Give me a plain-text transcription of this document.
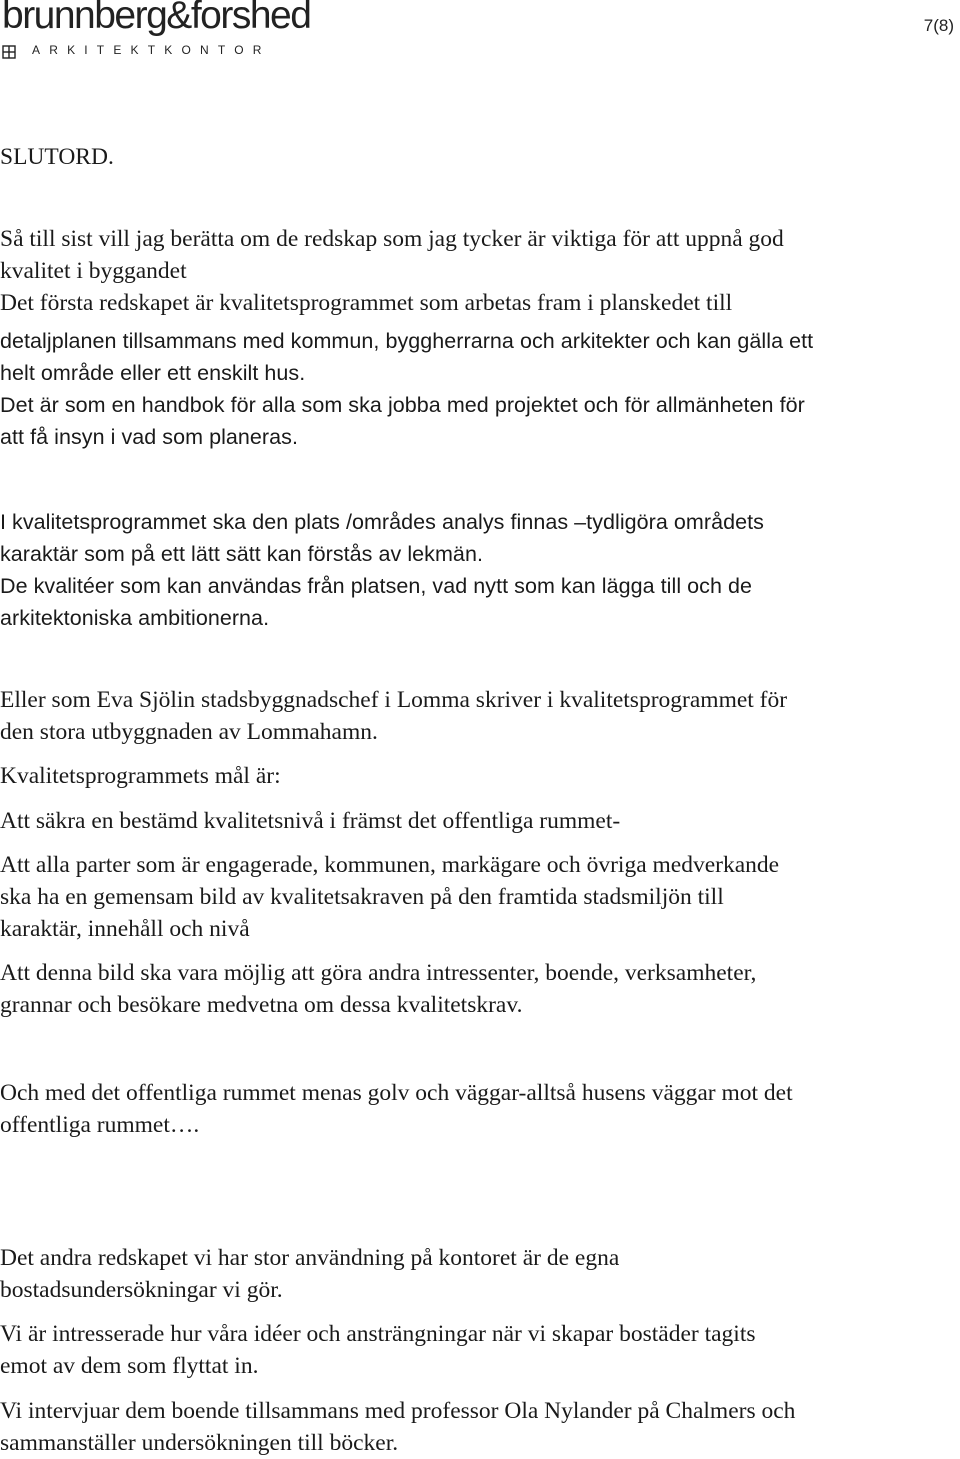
brunnberg&forshed
ARKITEKTKONTOR
7(8)
SLUTORD.
Så till sist vill jag berätta om de redskap som jag tycker är viktiga för att uppnå god
kvalitet i byggandet
Det första redskapet är kvalitetsprogrammet som arbetas fram i planskedet till
detaljplanen tillsammans med kommun, byggherrarna och arkitekter och kan gälla ett
helt område eller ett enskilt hus.
Det är som en handbok för alla som ska jobba med projektet och för allmänheten för
att få insyn i vad som planeras.
I kvalitetsprogrammet ska den plats /områdes analys finnas –tydligöra områdets
karaktär som på ett lätt sätt kan förstås av lekmän.
De kvalitéer som kan användas från platsen, vad nytt som kan lägga till och de
arkitektoniska ambitionerna.
Eller som Eva Sjölin stadsbyggnadschef i Lomma skriver i kvalitetsprogrammet för
den stora utbyggnaden av Lommahamn.
Kvalitetsprogrammets mål är:
Att säkra en bestämd kvalitetsnivå i främst det offentliga rummet-
Att alla parter som är engagerade, kommunen, markägare och övriga medverkande
ska ha en gemensam bild av kvalitetsakraven på den framtida stadsmiljön till
karaktär, innehåll och nivå
Att denna bild ska vara möjlig att göra andra intressenter, boende, verksamheter,
grannar och besökare medvetna om dessa kvalitetskrav.
Och med det offentliga rummet menas golv och väggar-alltså husens väggar mot det
offentliga rummet….
Det andra redskapet vi har stor användning på kontoret är de egna
bostadsundersökningar vi gör.
Vi är intresserade hur våra idéer och ansträngningar när vi skapar bostäder tagits
emot av dem som flyttat in.
Vi intervjuar dem boende tillsammans med professor Ola Nylander på Chalmers och
sammanställer undersökningen till böcker.
